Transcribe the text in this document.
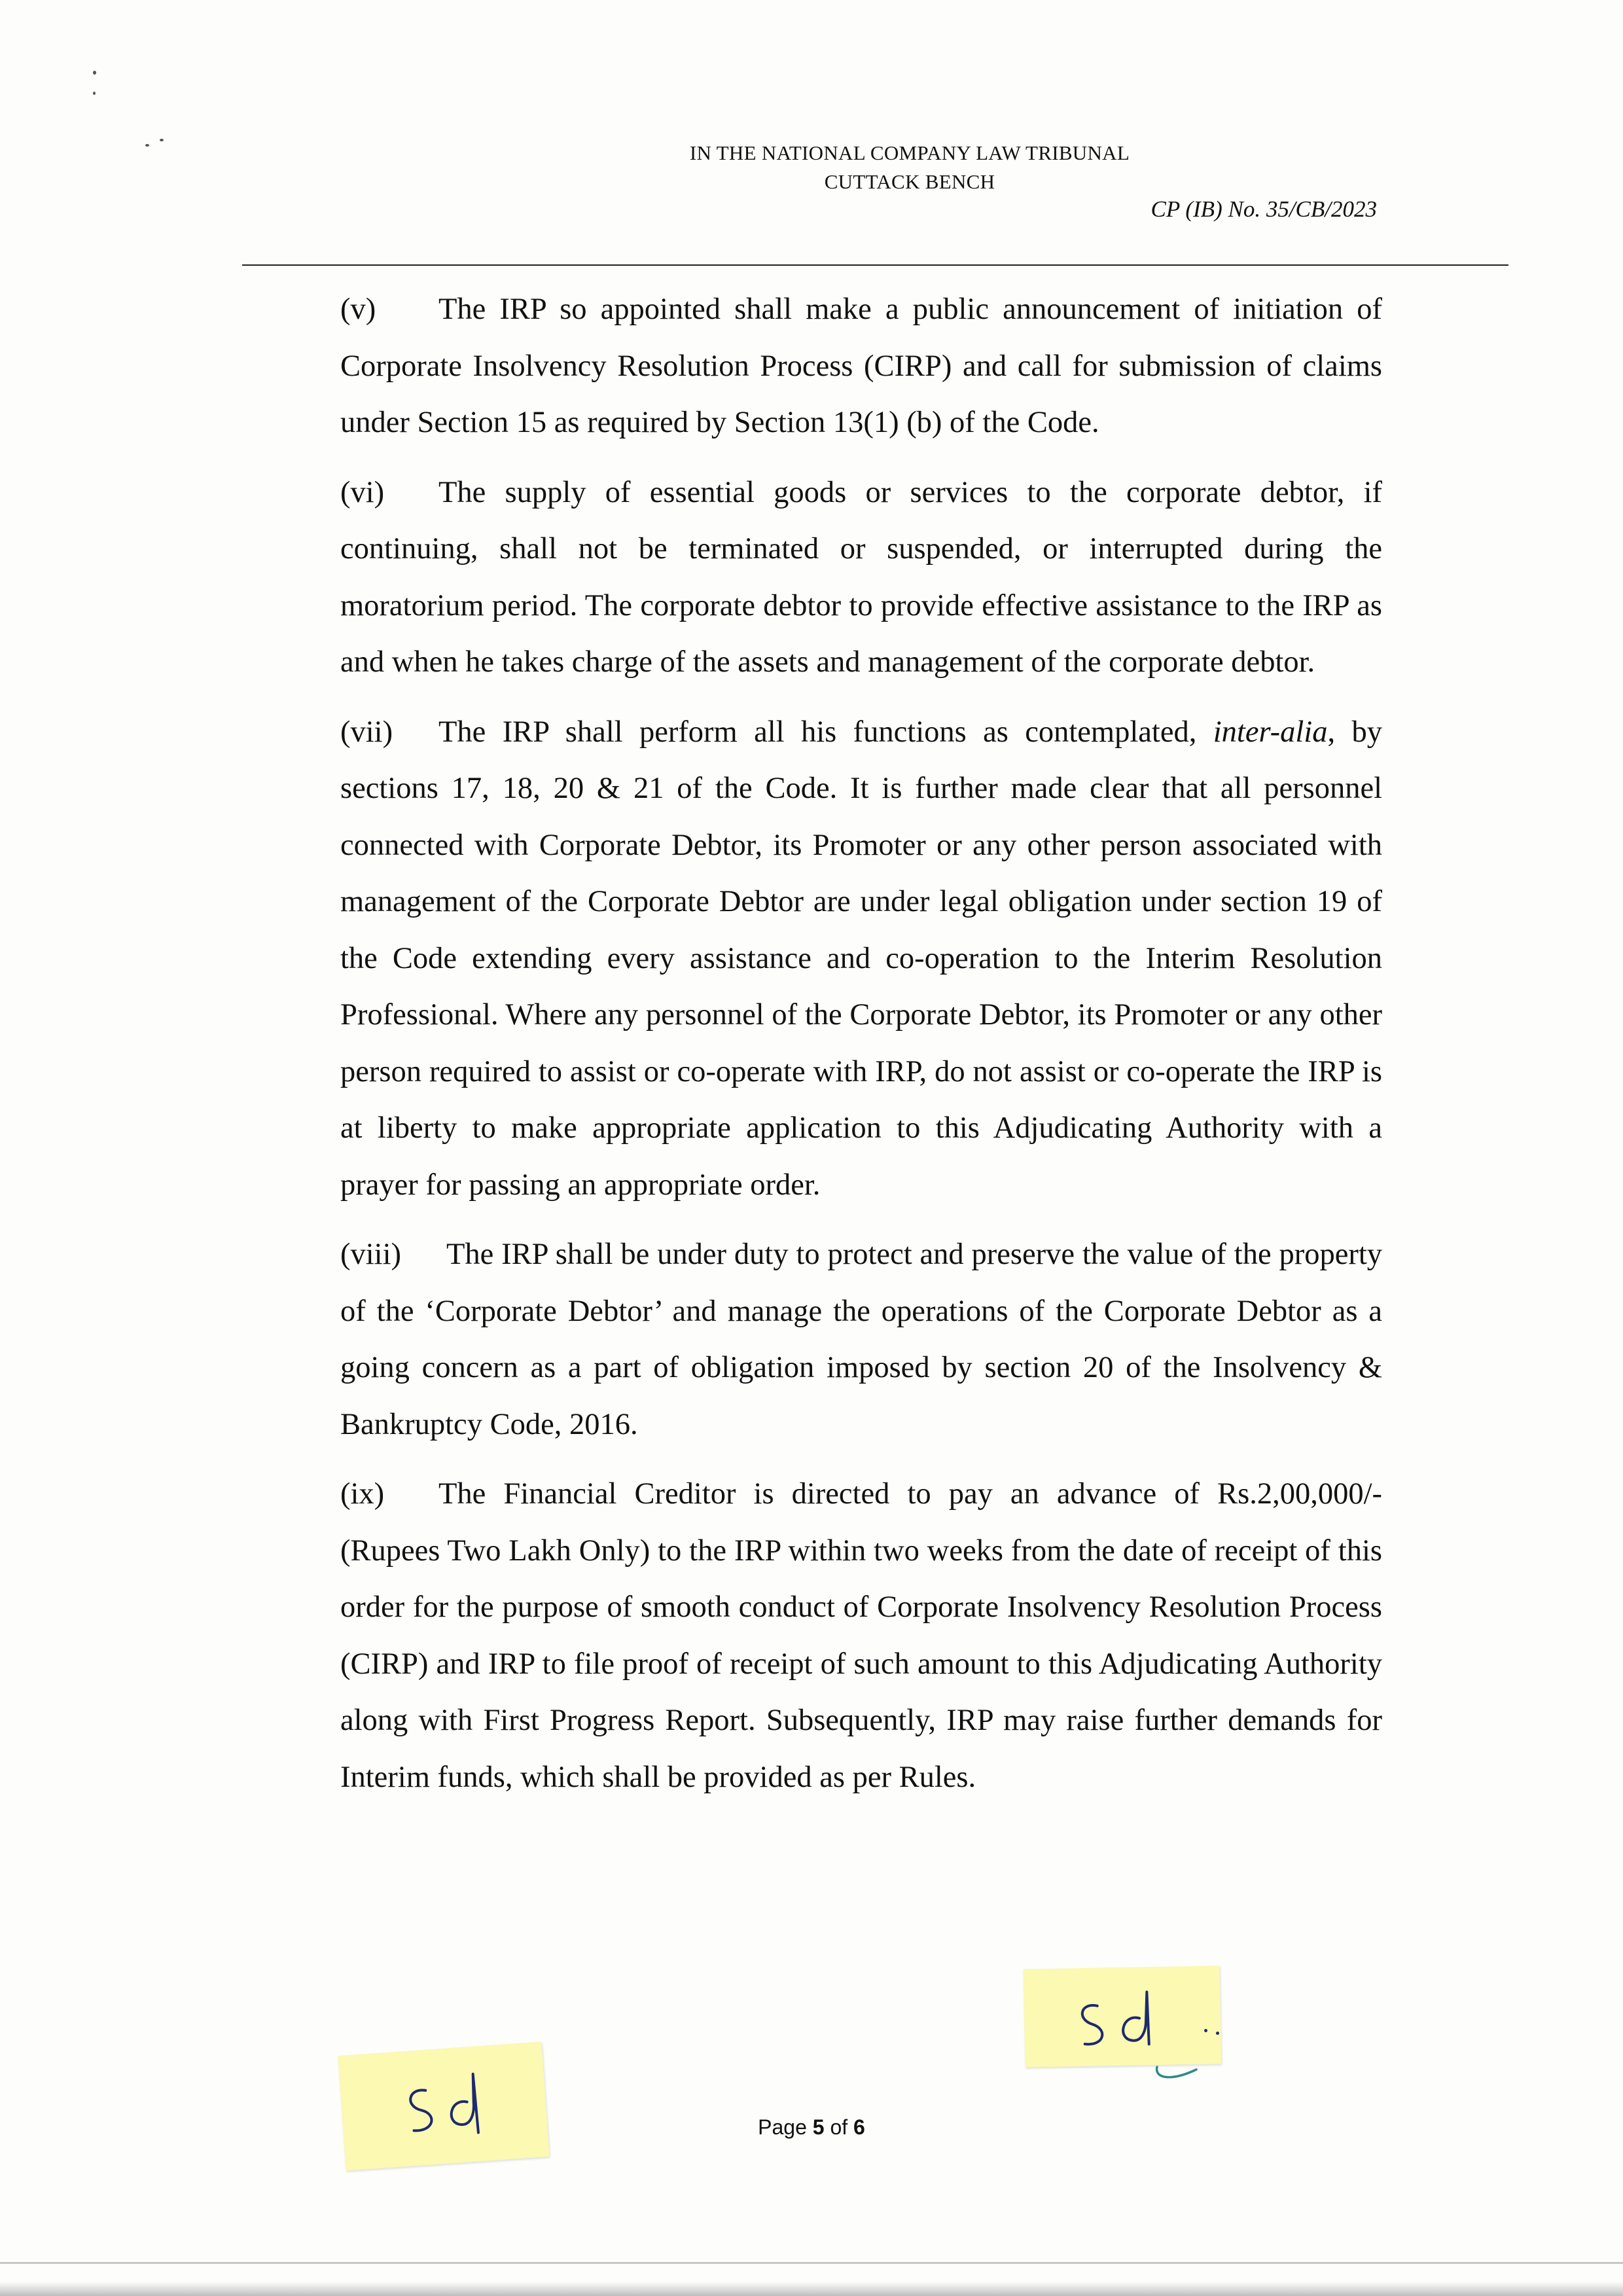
IN THE NATIONAL COMPANY LAW TRIBUNAL
CUTTACK BENCH
CP (IB) No. 35/CB/2023

(v) The IRP so appointed shall make a public announcement of initiation of Corporate Insolvency Resolution Process (CIRP) and call for submission of claims under Section 15 as required by Section 13(1) (b) of the Code.

(vi) The supply of essential goods or services to the corporate debtor, if continuing, shall not be terminated or suspended, or interrupted during the moratorium period. The corporate debtor to provide effective assistance to the IRP as and when he takes charge of the assets and management of the corporate debtor.

(vii) The IRP shall perform all his functions as contemplated, inter-alia, by sections 17, 18, 20 & 21 of the Code. It is further made clear that all personnel connected with Corporate Debtor, its Promoter or any other person associated with management of the Corporate Debtor are under legal obligation under section 19 of the Code extending every assistance and co-operation to the Interim Resolution Professional. Where any personnel of the Corporate Debtor, its Promoter or any other person required to assist or co-operate with IRP, do not assist or co-operate the IRP is at liberty to make appropriate application to this Adjudicating Authority with a prayer for passing an appropriate order.

(viii) The IRP shall be under duty to protect and preserve the value of the property of the ‘Corporate Debtor’ and manage the operations of the Corporate Debtor as a going concern as a part of obligation imposed by section 20 of the Insolvency & Bankruptcy Code, 2016.

(ix) The Financial Creditor is directed to pay an advance of Rs.2,00,000/- (Rupees Two Lakh Only) to the IRP within two weeks from the date of receipt of this order for the purpose of smooth conduct of Corporate Insolvency Resolution Process (CIRP) and IRP to file proof of receipt of such amount to this Adjudicating Authority along with First Progress Report. Subsequently, IRP may raise further demands for Interim funds, which shall be provided as per Rules.

Page 5 of 6
